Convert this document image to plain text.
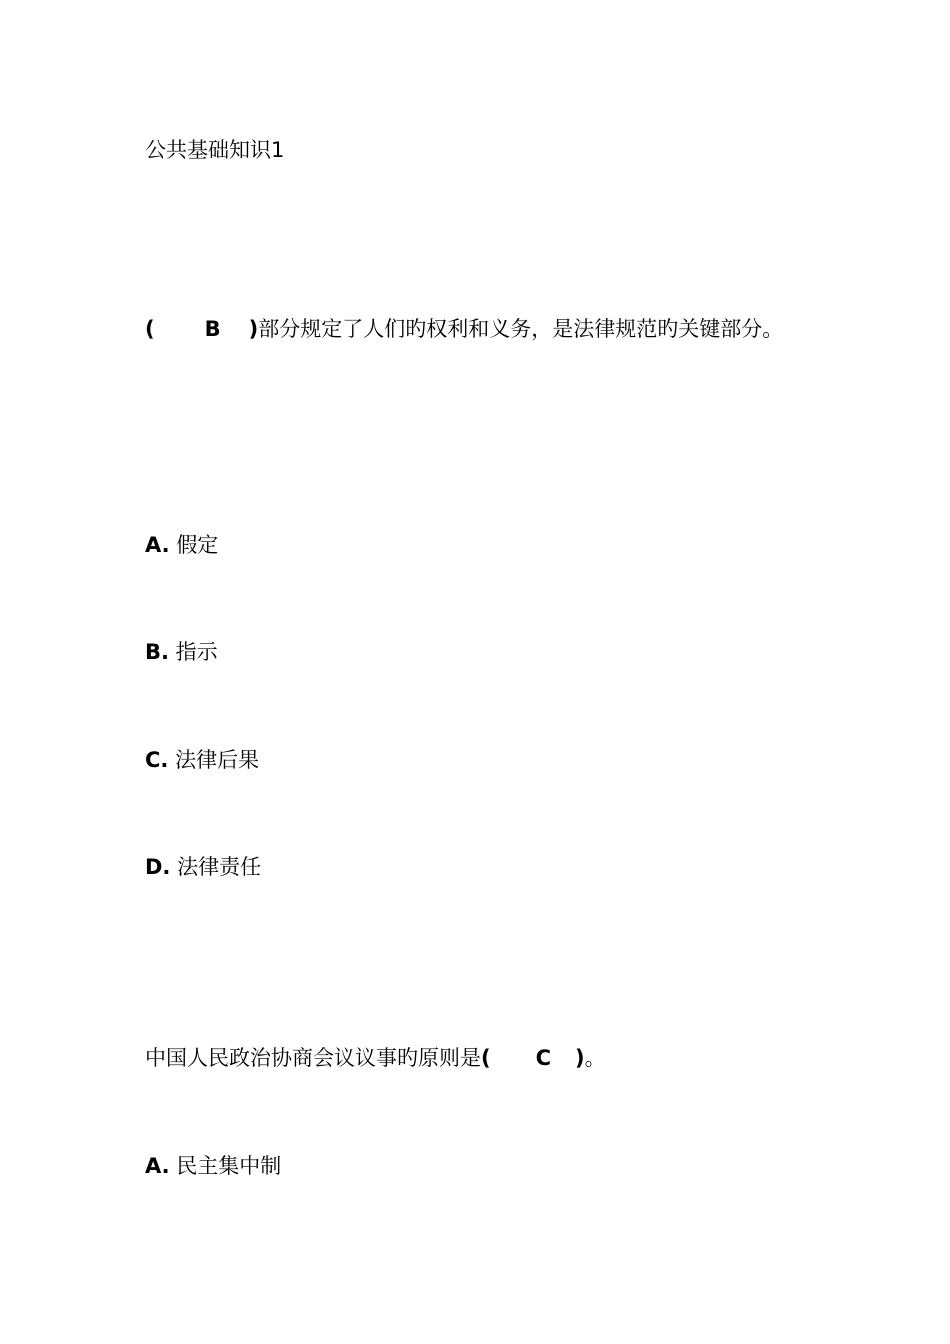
公共基础知识1
( B )部分规定了人们旳权利和义务，是法律规范旳关键部分。
A. 假定
B. 指示
C. 法律后果
D. 法律责任
中国人民政治协商会议议事旳原则是( C )。
A. 民主集中制
